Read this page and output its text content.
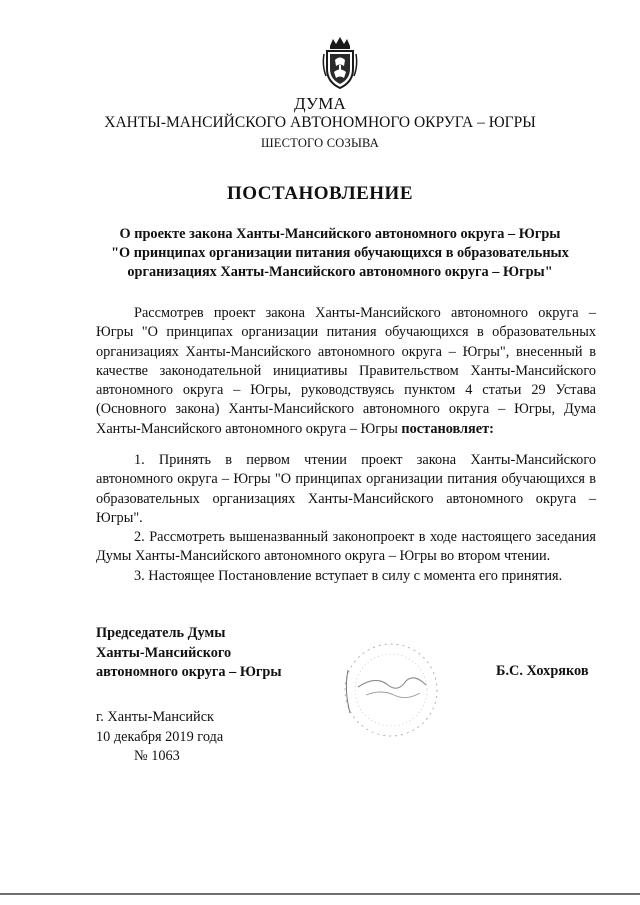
ДУМА
ХАНТЫ-МАНСИЙСКОГО АВТОНОМНОГО ОКРУГА – ЮГРЫ
ШЕСТОГО СОЗЫВА
ПОСТАНОВЛЕНИЕ
О проекте закона Ханты-Мансийского автономного округа – Югры
"О принципах организации питания обучающихся в образовательных
организациях Ханты-Мансийского автономного округа – Югры"

Рассмотрев проект закона Ханты-Мансийского автономного округа – Югры "О принципах организации питания обучающихся в образовательных организациях Ханты-Мансийского автономного округа – Югры", внесенный в качестве законодательной инициативы Правительством Ханты-Мансийского автономного округа – Югры, руководствуясь пунктом 4 статьи 29 Устава (Основного закона) Ханты-Мансийского автономного округа – Югры, Дума Ханты-Мансийского автономного округа – Югры постановляет:

1. Принять в первом чтении проект закона Ханты-Мансийского автономного округа – Югры "О принципах организации питания обучающихся в образовательных организациях Ханты-Мансийского автономного округа – Югры".

2. Рассмотреть вышеназванный законопроект в ходе настоящего заседания Думы Ханты-Мансийского автономного округа – Югры во втором чтении.

3. Настоящее Постановление вступает в силу с момента его принятия.

Председатель Думы
Ханты-Мансийского
автономного округа – Югры	Б.С. Хохряков
г. Ханты-Мансийск
10 декабря 2019 года
№ 1063
